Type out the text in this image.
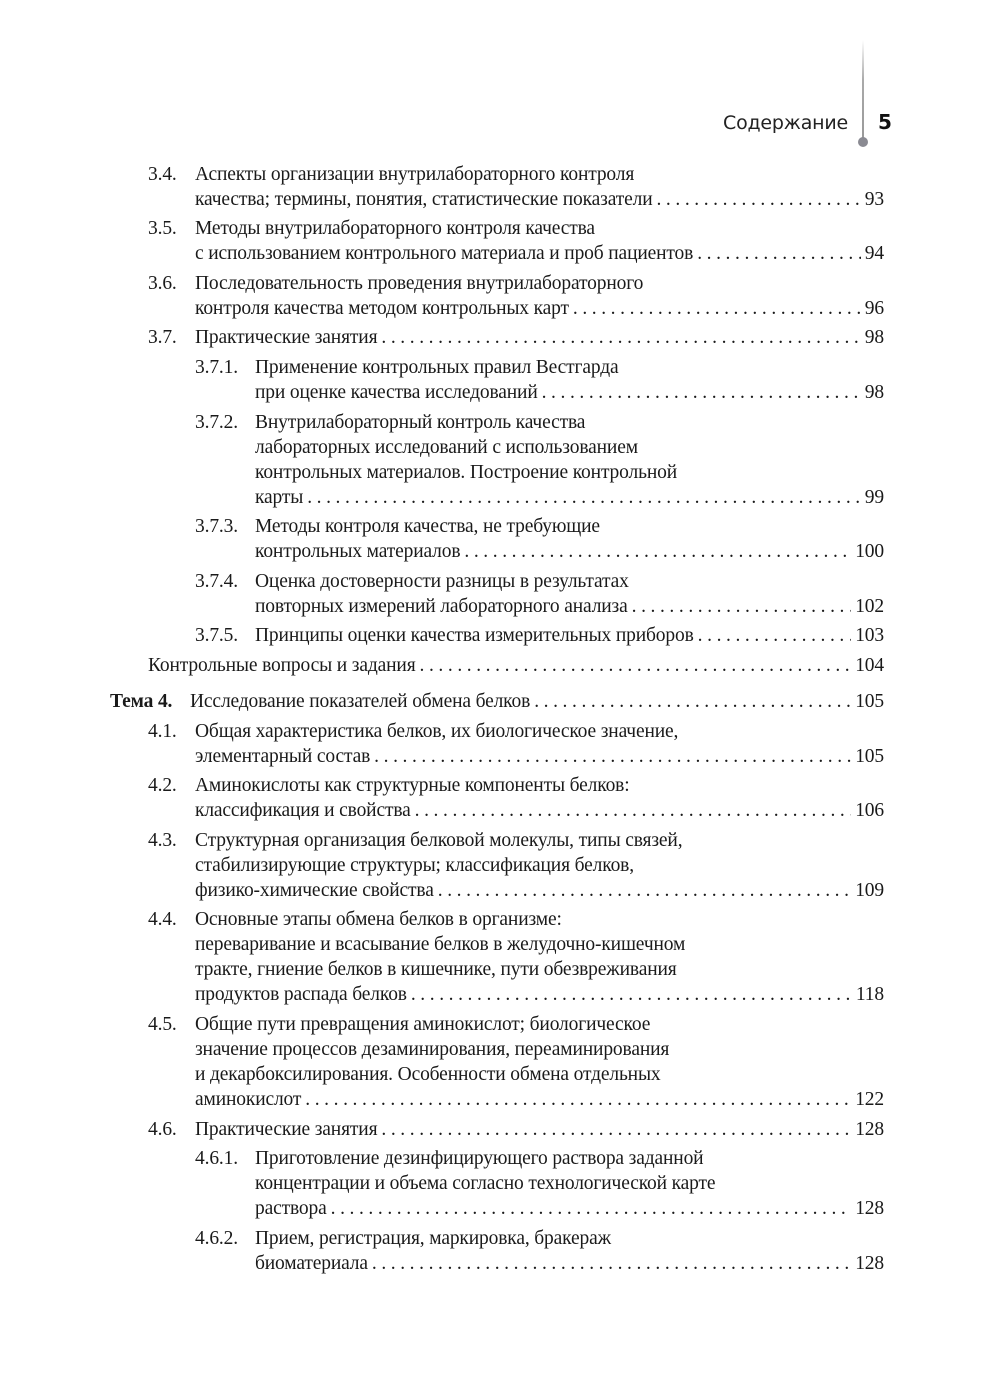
Содержание 5
3.4. Аспекты организации внутрилабораторного контроля
качества; термины, понятия, статистические показатели . . .	93
3.5. Методы внутрилабораторного контроля качества
с использованием контрольного материала и проб пациентов . . .	94
3.6. Последовательность проведения внутрилабораторного
контроля качества методом контрольных карт . . .	96
3.7. Практические занятия . . .	98
3.7.1. Применение контрольных правил Вестгарда
при оценке качества исследований . . .	98
3.7.2. Внутрилабораторный контроль качества
лабораторных исследований с использованием
контрольных материалов. Построение контрольной
карты . . .	99
3.7.3. Методы контроля качества, не требующие
контрольных материалов . . .	100
3.7.4. Оценка достоверности разницы в результатах
повторных измерений лабораторного анализа . . .	102
3.7.5. Принципы оценки качества измерительных приборов . . .	103
Контрольные вопросы и задания . . .	104
Тема 4. Исследование показателей обмена белков . . .	105
4.1. Общая характеристика белков, их биологическое значение,
элементарный состав . . .	105
4.2. Аминокислоты как структурные компоненты белков:
классификация и свойства . . .	106
4.3. Структурная организация белковой молекулы, типы связей,
стабилизирующие структуры; классификация белков,
физико-химические свойства . . .	109
4.4. Основные этапы обмена белков в организме:
переваривание и всасывание белков в желудочно-кишечном
тракте, гниение белков в кишечнике, пути обезвреживания
продуктов распада белков . . .	118
4.5. Общие пути превращения аминокислот; биологическое
значение процессов дезаминирования, переаминирования
и декарбоксилирования. Особенности обмена отдельных
аминокислот . . .	122
4.6. Практические занятия . . .	128
4.6.1. Приготовление дезинфицирующего раствора заданной
концентрации и объема согласно технологической карте
раствора . . .	128
4.6.2. Прием, регистрация, маркировка, бракераж
биоматериала . . .	128
